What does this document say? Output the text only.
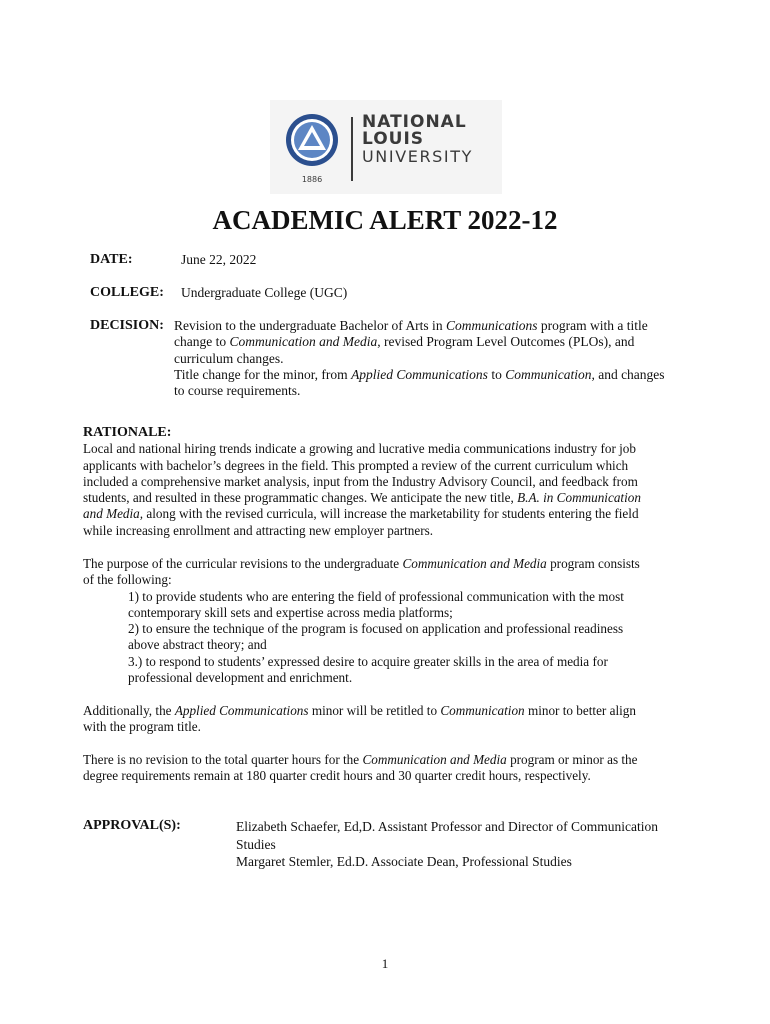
1886
NATIONAL
LOUIS
UNIVERSITY
ACADEMIC ALERT 2022-12
DATE:	June 22, 2022
COLLEGE: Undergraduate College (UGC)
DECISION: Revision to the undergraduate Bachelor of Arts in Communications program with a title
change to Communication and Media, revised Program Level Outcomes (PLOs), and
curriculum changes.
Title change for the minor, from Applied Communications to Communication, and changes
to course requirements.

RATIONALE:

Local and national hiring trends indicate a growing and lucrative media communications industry for job
applicants with bachelor’s degrees in the field. This prompted a review of the current curriculum which
included a comprehensive market analysis, input from the Industry Advisory Council, and feedback from
students, and resulted in these programmatic changes. We anticipate the new title, B.A. in Communication
and Media, along with the revised curricula, will increase the marketability for students entering the field
while increasing enrollment and attracting new employer partners.
The purpose of the curricular revisions to the undergraduate Communication and Media program consists
of the following:
1) to provide students who are entering the field of professional communication with the most
contemporary skill sets and expertise across media platforms;
2) to ensure the technique of the program is focused on application and professional readiness
above abstract theory; and
3.) to respond to students’ expressed desire to acquire greater skills in the area of media for
professional development and enrichment.
Additionally, the Applied Communications minor will be retitled to Communication minor to better align
with the program title.
There is no revision to the total quarter hours for the Communication and Media program or minor as the
degree requirements remain at 180 quarter credit hours and 30 quarter credit hours, respectively.
APPROVAL(S):	Elizabeth Schaefer, Ed,D. Assistant Professor and Director of Communication
Studies
Margaret Stemler, Ed.D. Associate Dean, Professional Studies
1
